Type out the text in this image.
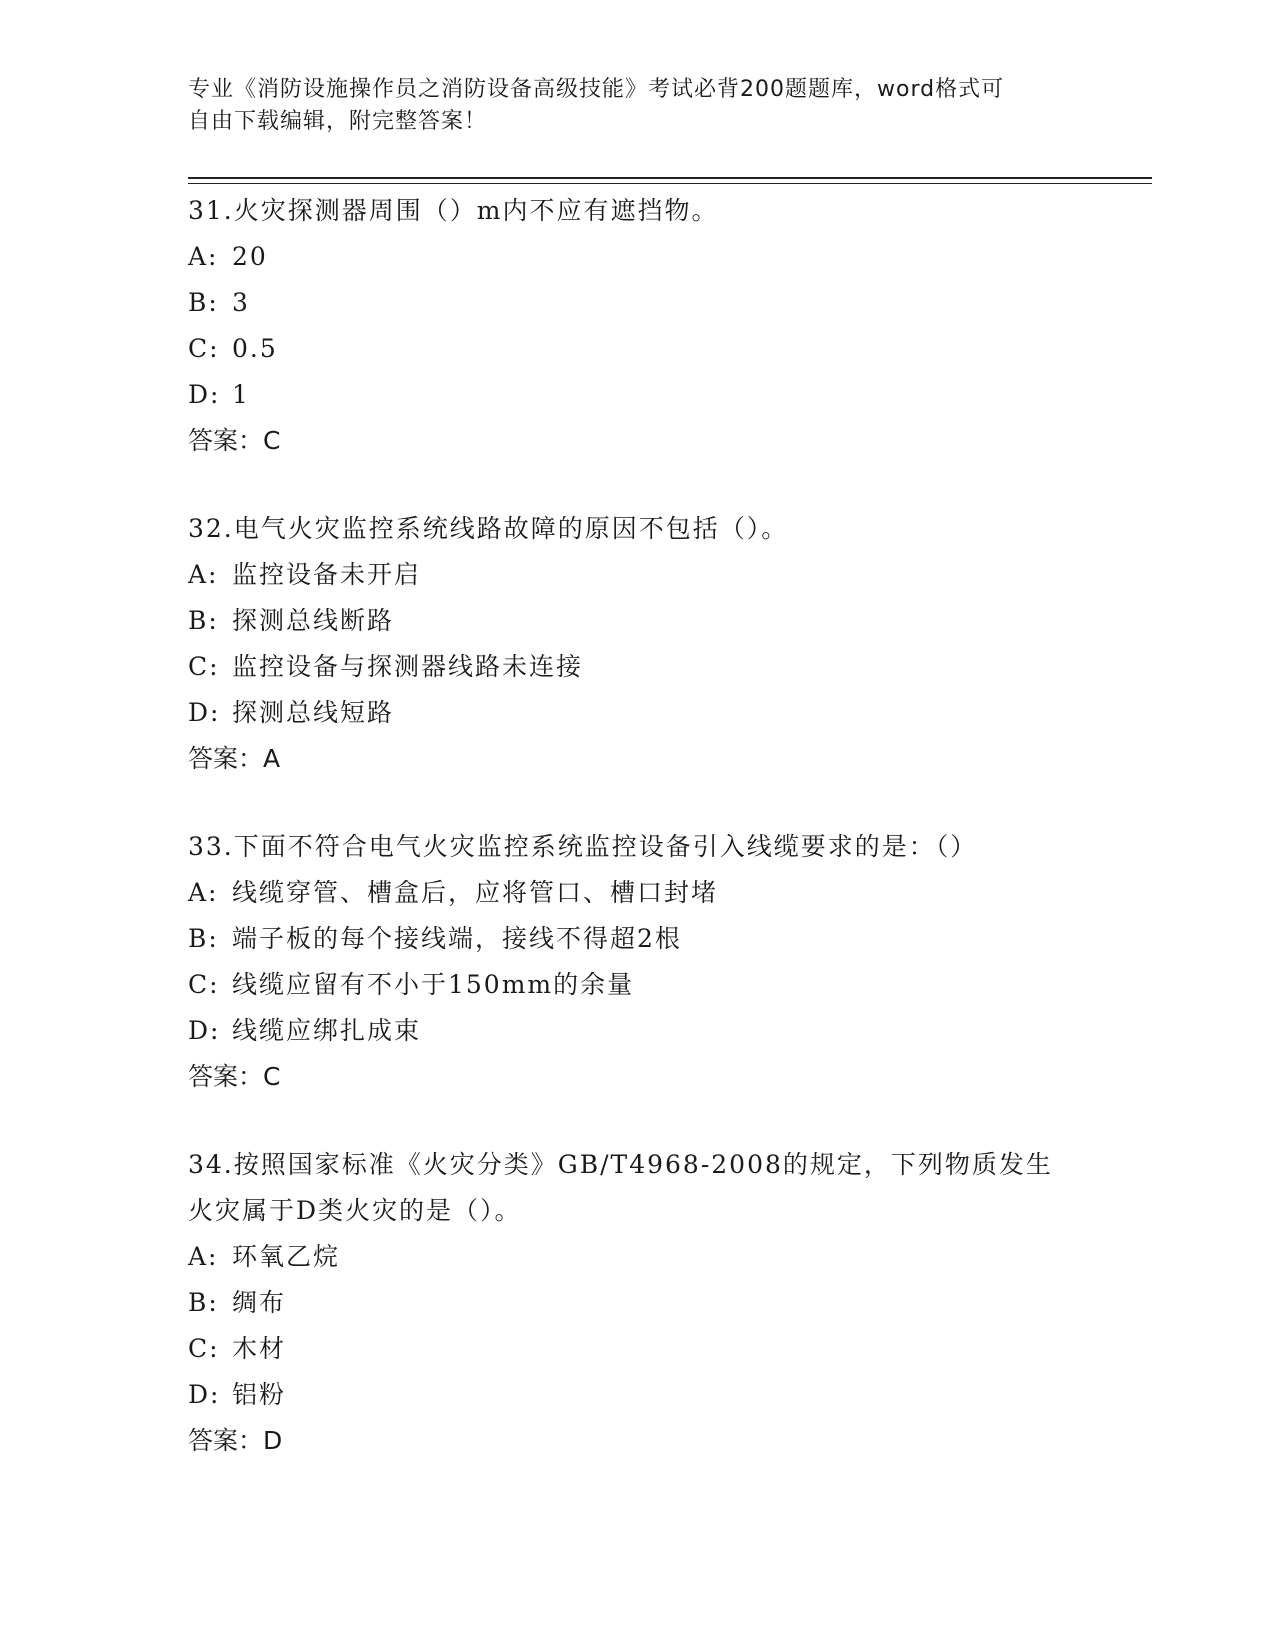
专业《消防设施操作员之消防设备高级技能》考试必背200题题库，word格式可
自由下载编辑，附完整答案！
31.火灾探测器周围（）m内不应有遮挡物。
A: 20
B: 3
C: 0.5
D: 1
答案：C
32.电气火灾监控系统线路故障的原因不包括（）。
A: 监控设备未开启
B: 探测总线断路
C: 监控设备与探测器线路未连接
D: 探测总线短路
答案：A
33.下面不符合电气火灾监控系统监控设备引入线缆要求的是：（）
A: 线缆穿管、槽盒后，应将管口、槽口封堵
B: 端子板的每个接线端，接线不得超2根
C: 线缆应留有不小于150mm的余量
D: 线缆应绑扎成束
答案：C
34.按照国家标准《火灾分类》GB/T4968-2008的规定，下列物质发生
火灾属于D类火灾的是（）。
A: 环氧乙烷
B: 绸布
C: 木材
D: 铝粉
答案：D
